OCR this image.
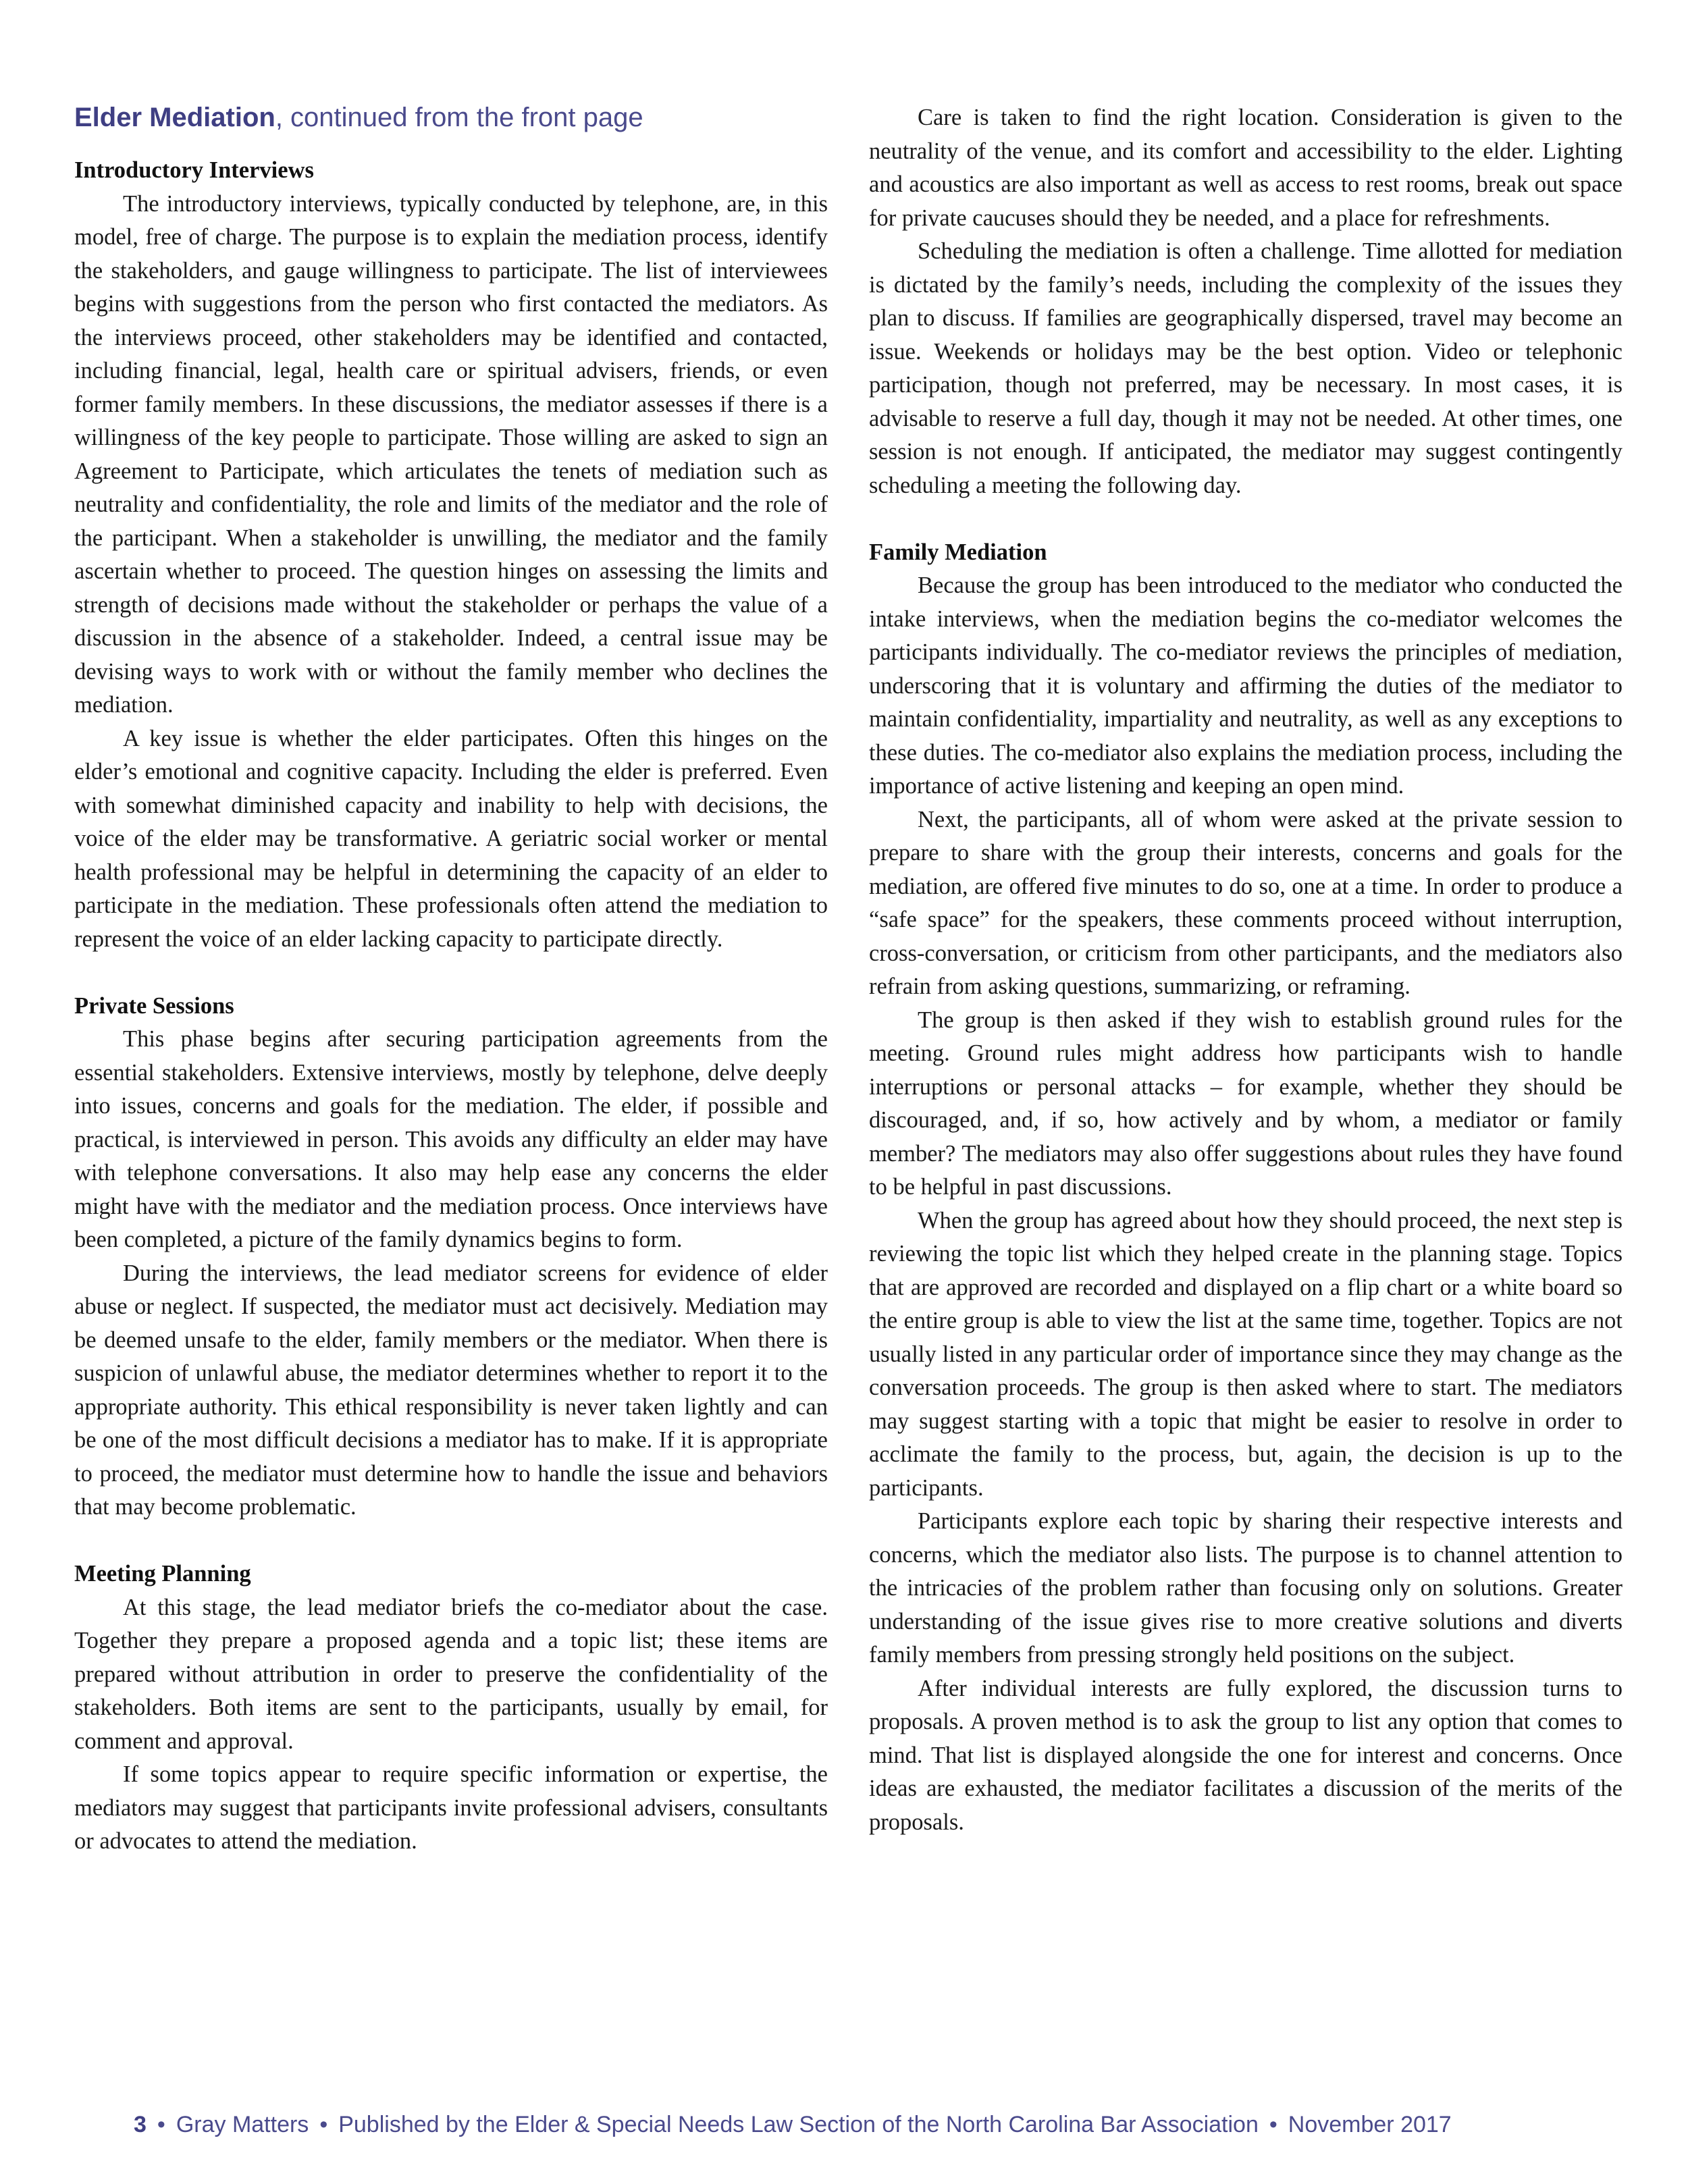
Elder Mediation, continued from the front page
Introductory Interviews

The introductory interviews, typically conducted by telephone, are, in this model, free of charge. The purpose is to explain the mediation process, identify the stakeholders, and gauge willingness to participate. The list of interviewees begins with suggestions from the person who first contacted the mediators. As the interviews proceed, other stakeholders may be identified and contacted, including financial, legal, health care or spiritual advisers, friends, or even former family members. In these discussions, the mediator assesses if there is a willingness of the key people to participate. Those willing are asked to sign an Agreement to Participate, which articulates the tenets of mediation such as neutrality and confidentiality, the role and limits of the mediator and the role of the participant. When a stakeholder is unwilling, the mediator and the family ascertain whether to proceed. The question hinges on assessing the limits and strength of decisions made without the stakeholder or perhaps the value of a discussion in the absence of a stakeholder. Indeed, a central issue may be devising ways to work with or without the family member who declines the mediation.

A key issue is whether the elder participates. Often this hinges on the elder’s emotional and cognitive capacity. Including the elder is preferred. Even with somewhat diminished capacity and inability to help with decisions, the voice of the elder may be transformative. A geriatric social worker or mental health professional may be helpful in determining the capacity of an elder to participate in the mediation. These professionals often attend the mediation to represent the voice of an elder lacking capacity to participate directly.

Private Sessions

This phase begins after securing participation agreements from the essential stakeholders. Extensive interviews, mostly by telephone, delve deeply into issues, concerns and goals for the mediation. The elder, if possible and practical, is interviewed in person. This avoids any difficulty an elder may have with telephone conversations. It also may help ease any concerns the elder might have with the mediator and the mediation process. Once interviews have been completed, a picture of the family dynamics begins to form.

During the interviews, the lead mediator screens for evidence of elder abuse or neglect. If suspected, the mediator must act decisively. Mediation may be deemed unsafe to the elder, family members or the mediator. When there is suspicion of unlawful abuse, the mediator determines whether to report it to the appropriate authority. This ethical responsibility is never taken lightly and can be one of the most difficult decisions a mediator has to make. If it is appropriate to proceed, the mediator must determine how to handle the issue and behaviors that may become problematic.

Meeting Planning

At this stage, the lead mediator briefs the co-mediator about the case. Together they prepare a proposed agenda and a topic list; these items are prepared without attribution in order to preserve the confidentiality of the stakeholders. Both items are sent to the participants, usually by email, for comment and approval.

If some topics appear to require specific information or expertise, the mediators may suggest that participants invite professional advisers, consultants or advocates to attend the mediation.

Care is taken to find the right location. Consideration is given to the neutrality of the venue, and its comfort and accessibility to the elder. Lighting and acoustics are also important as well as access to rest rooms, break out space for private caucuses should they be needed, and a place for refreshments.

Scheduling the mediation is often a challenge. Time allotted for mediation is dictated by the family’s needs, including the complexity of the issues they plan to discuss. If families are geographically dispersed, travel may become an issue. Weekends or holidays may be the best option. Video or telephonic participation, though not preferred, may be necessary. In most cases, it is advisable to reserve a full day, though it may not be needed. At other times, one session is not enough. If anticipated, the mediator may suggest contingently scheduling a meeting the following day.

Family Mediation

Because the group has been introduced to the mediator who conducted the intake interviews, when the mediation begins the co-mediator welcomes the participants individually. The co-mediator reviews the principles of mediation, underscoring that it is voluntary and affirming the duties of the mediator to maintain confidentiality, impartiality and neutrality, as well as any exceptions to these duties. The co-mediator also explains the mediation process, including the importance of active listening and keeping an open mind.

Next, the participants, all of whom were asked at the private session to prepare to share with the group their interests, concerns and goals for the mediation, are offered five minutes to do so, one at a time. In order to produce a “safe space” for the speakers, these comments proceed without interruption, cross-conversation, or criticism from other participants, and the mediators also refrain from asking questions, summarizing, or reframing.

The group is then asked if they wish to establish ground rules for the meeting. Ground rules might address how participants wish to handle interruptions or personal attacks – for example, whether they should be discouraged, and, if so, how actively and by whom, a mediator or family member? The mediators may also offer suggestions about rules they have found to be helpful in past discussions.

When the group has agreed about how they should proceed, the next step is reviewing the topic list which they helped create in the planning stage. Topics that are approved are recorded and displayed on a flip chart or a white board so the entire group is able to view the list at the same time, together. Topics are not usually listed in any particular order of importance since they may change as the conversation proceeds. The group is then asked where to start. The mediators may suggest starting with a topic that might be easier to resolve in order to acclimate the family to the process, but, again, the decision is up to the participants.

Participants explore each topic by sharing their respective interests and concerns, which the mediator also lists. The purpose is to channel attention to the intricacies of the problem rather than focusing only on solutions. Greater understanding of the issue gives rise to more creative solutions and diverts family members from pressing strongly held positions on the subject.

After individual interests are fully explored, the discussion turns to proposals. A proven method is to ask the group to list any option that comes to mind. That list is displayed alongside the one for interest and concerns. Once ideas are exhausted, the mediator facilitates a discussion of the merits of the proposals.

3 • Gray Matters • Published by the Elder & Special Needs Law Section of the North Carolina Bar Association • November 2017
